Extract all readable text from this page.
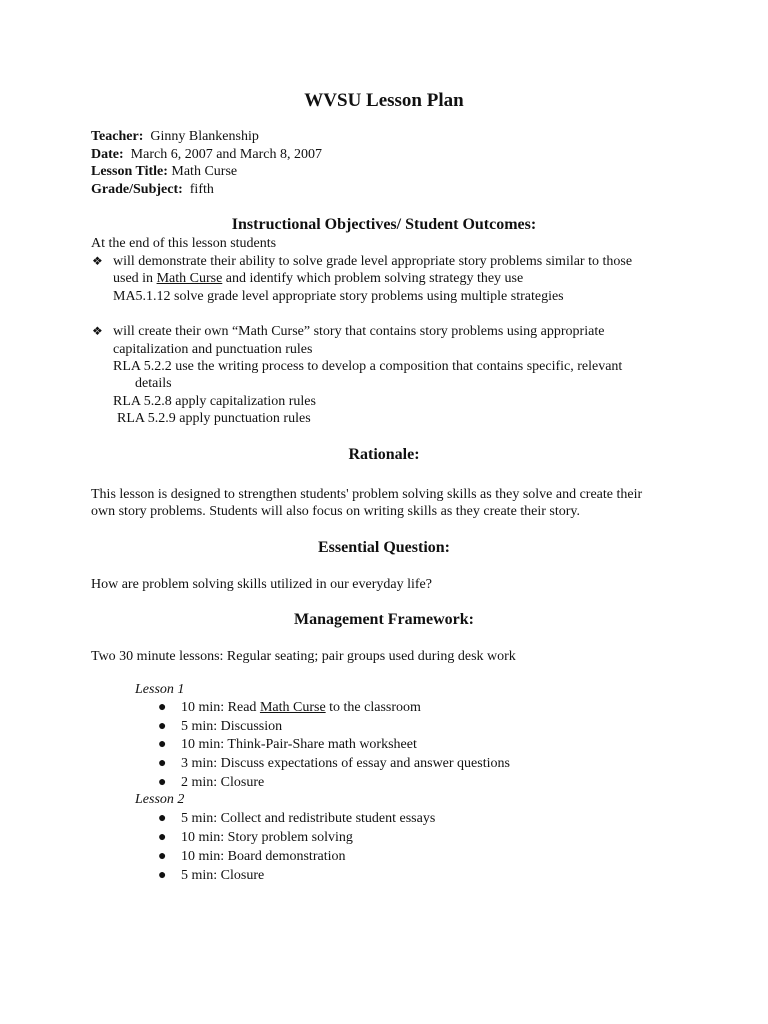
WVSU Lesson Plan
Teacher: Ginny Blankenship
Date: March 6, 2007 and March 8, 2007
Lesson Title: Math Curse
Grade/Subject: fifth
Instructional Objectives/ Student Outcomes:
At the end of this lesson students
❖ will demonstrate their ability to solve grade level appropriate story problems similar to those
used in Math Curse and identify which problem solving strategy they use
MA5.1.12 solve grade level appropriate story problems using multiple strategies
❖ will create their own “Math Curse” story that contains story problems using appropriate
capitalization and punctuation rules
RLA 5.2.2 use the writing process to develop a composition that contains specific, relevant
details
RLA 5.2.8 apply capitalization rules
RLA 5.2.9 apply punctuation rules
Rationale:
This lesson is designed to strengthen students' problem solving skills as they solve and create their
own story problems. Students will also focus on writing skills as they create their story.
Essential Question:
How are problem solving skills utilized in our everyday life?
Management Framework:
Two 30 minute lessons: Regular seating; pair groups used during desk work
Lesson 1
● 10 min: Read Math Curse to the classroom
● 5 min: Discussion
● 10 min: Think-Pair-Share math worksheet
● 3 min: Discuss expectations of essay and answer questions
● 2 min: Closure
Lesson 2
● 5 min: Collect and redistribute student essays
● 10 min: Story problem solving
● 10 min: Board demonstration
● 5 min: Closure
